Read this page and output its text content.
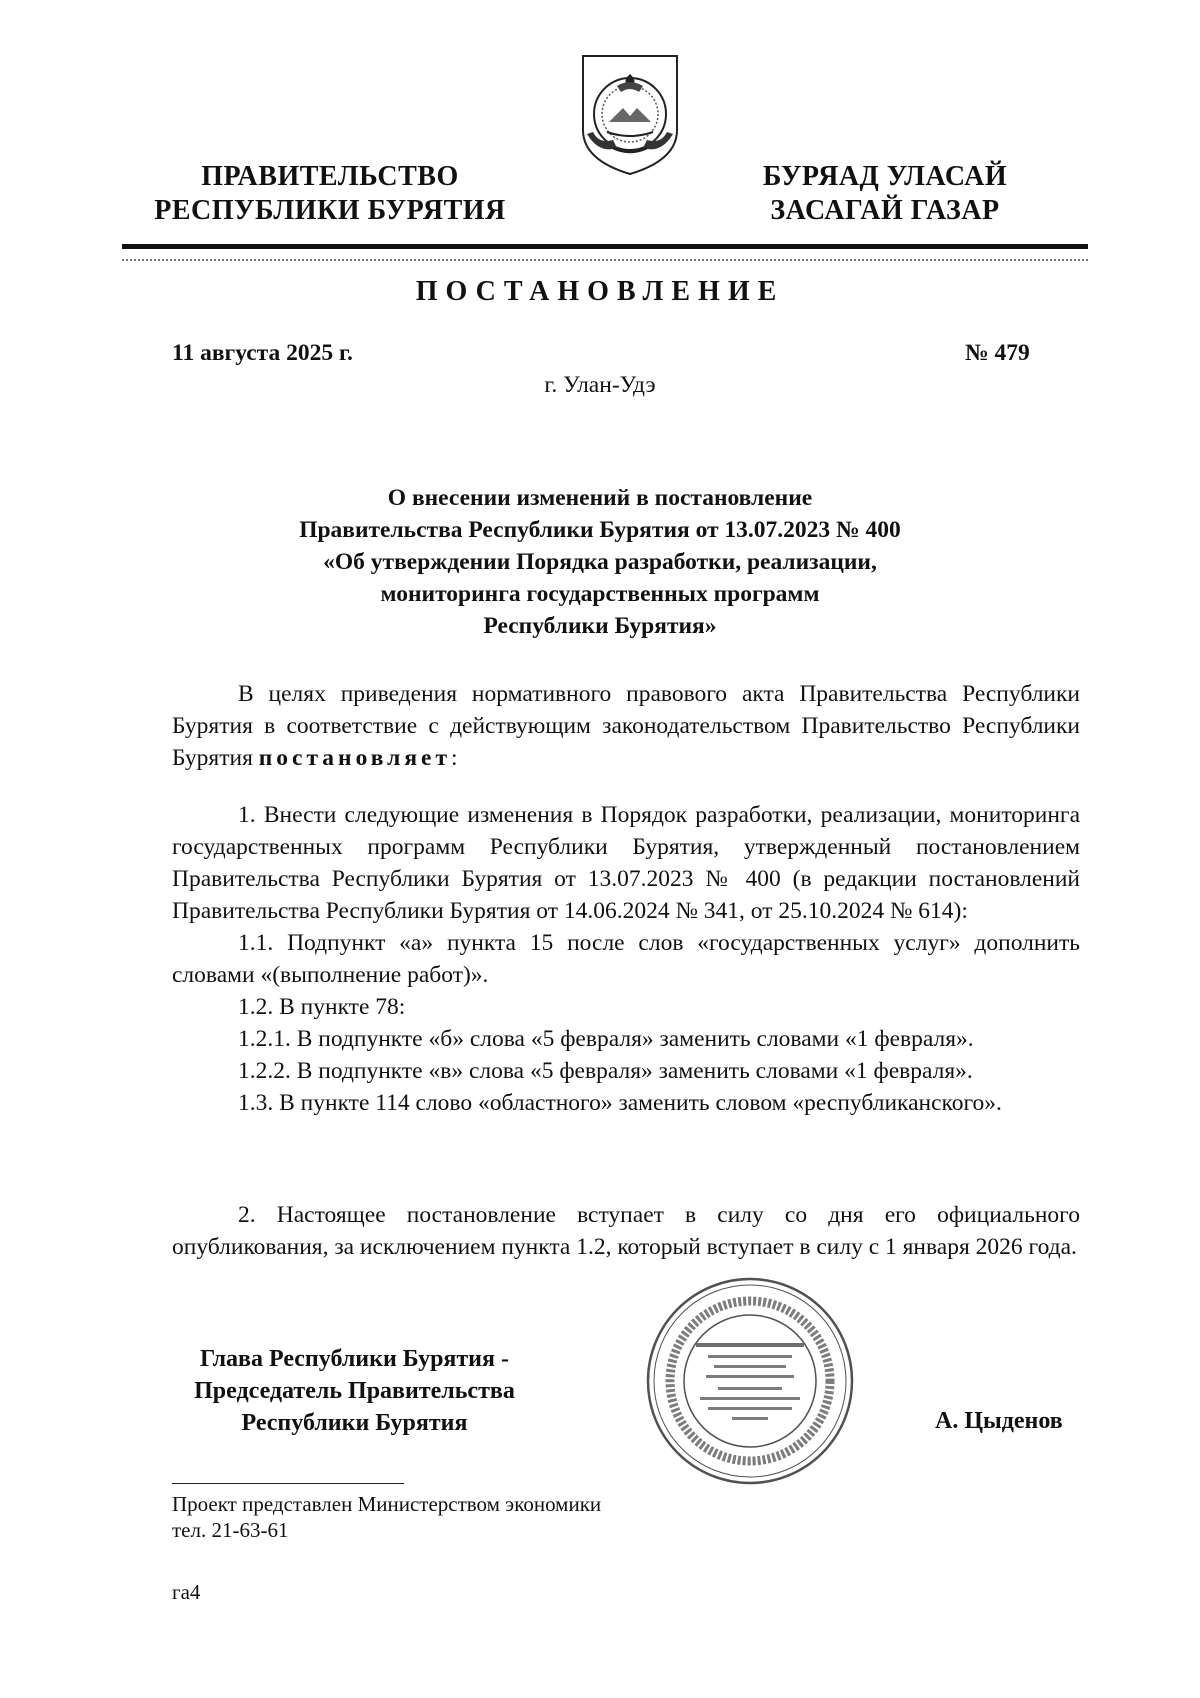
ПРАВИТЕЛЬСТВО
РЕСПУБЛИКИ БУРЯТИЯ
БУРЯАД УЛАСАЙ
ЗАСАГАЙ ГАЗАР
ПОСТАНОВЛЕНИЕ
11 августа 2025 г.	№ 479
г. Улан-Удэ
О внесении изменений в постановление
Правительства Республики Бурятия от 13.07.2023 № 400
«Об утверждении Порядка разработки, реализации,
мониторинга государственных программ
Республики Бурятия»

В целях приведения нормативного правового акта Правительства Республики Бурятия в соответствие с действующим законодательством Правительство Республики Бурятия постановляет:

1. Внести следующие изменения в Порядок разработки, реализации, мониторинга государственных программ Республики Бурятия, утвержденный постановлением Правительства Республики Бурятия от 13.07.2023 № 400 (в редакции постановлений Правительства Республики Бурятия от 14.06.2024 № 341, от 25.10.2024 № 614):

1.1. Подпункт «а» пункта 15 после слов «государственных услуг» дополнить словами «(выполнение работ)».

1.2. В пункте 78:

1.2.1. В подпункте «б» слова «5 февраля» заменить словами «1 февраля».

1.2.2. В подпункте «в» слова «5 февраля» заменить словами «1 февраля».

1.3. В пункте 114 слово «областного» заменить словом «республиканского».

2. Настоящее постановление вступает в силу со дня его официального опубликования, за исключением пункта 1.2, который вступает в силу с 1 января 2026 года.

Глава Республики Бурятия -
Председатель Правительства
Республики Бурятия	А. Цыденов
Проект представлен Министерством экономики
тел. 21-63-61
га4
